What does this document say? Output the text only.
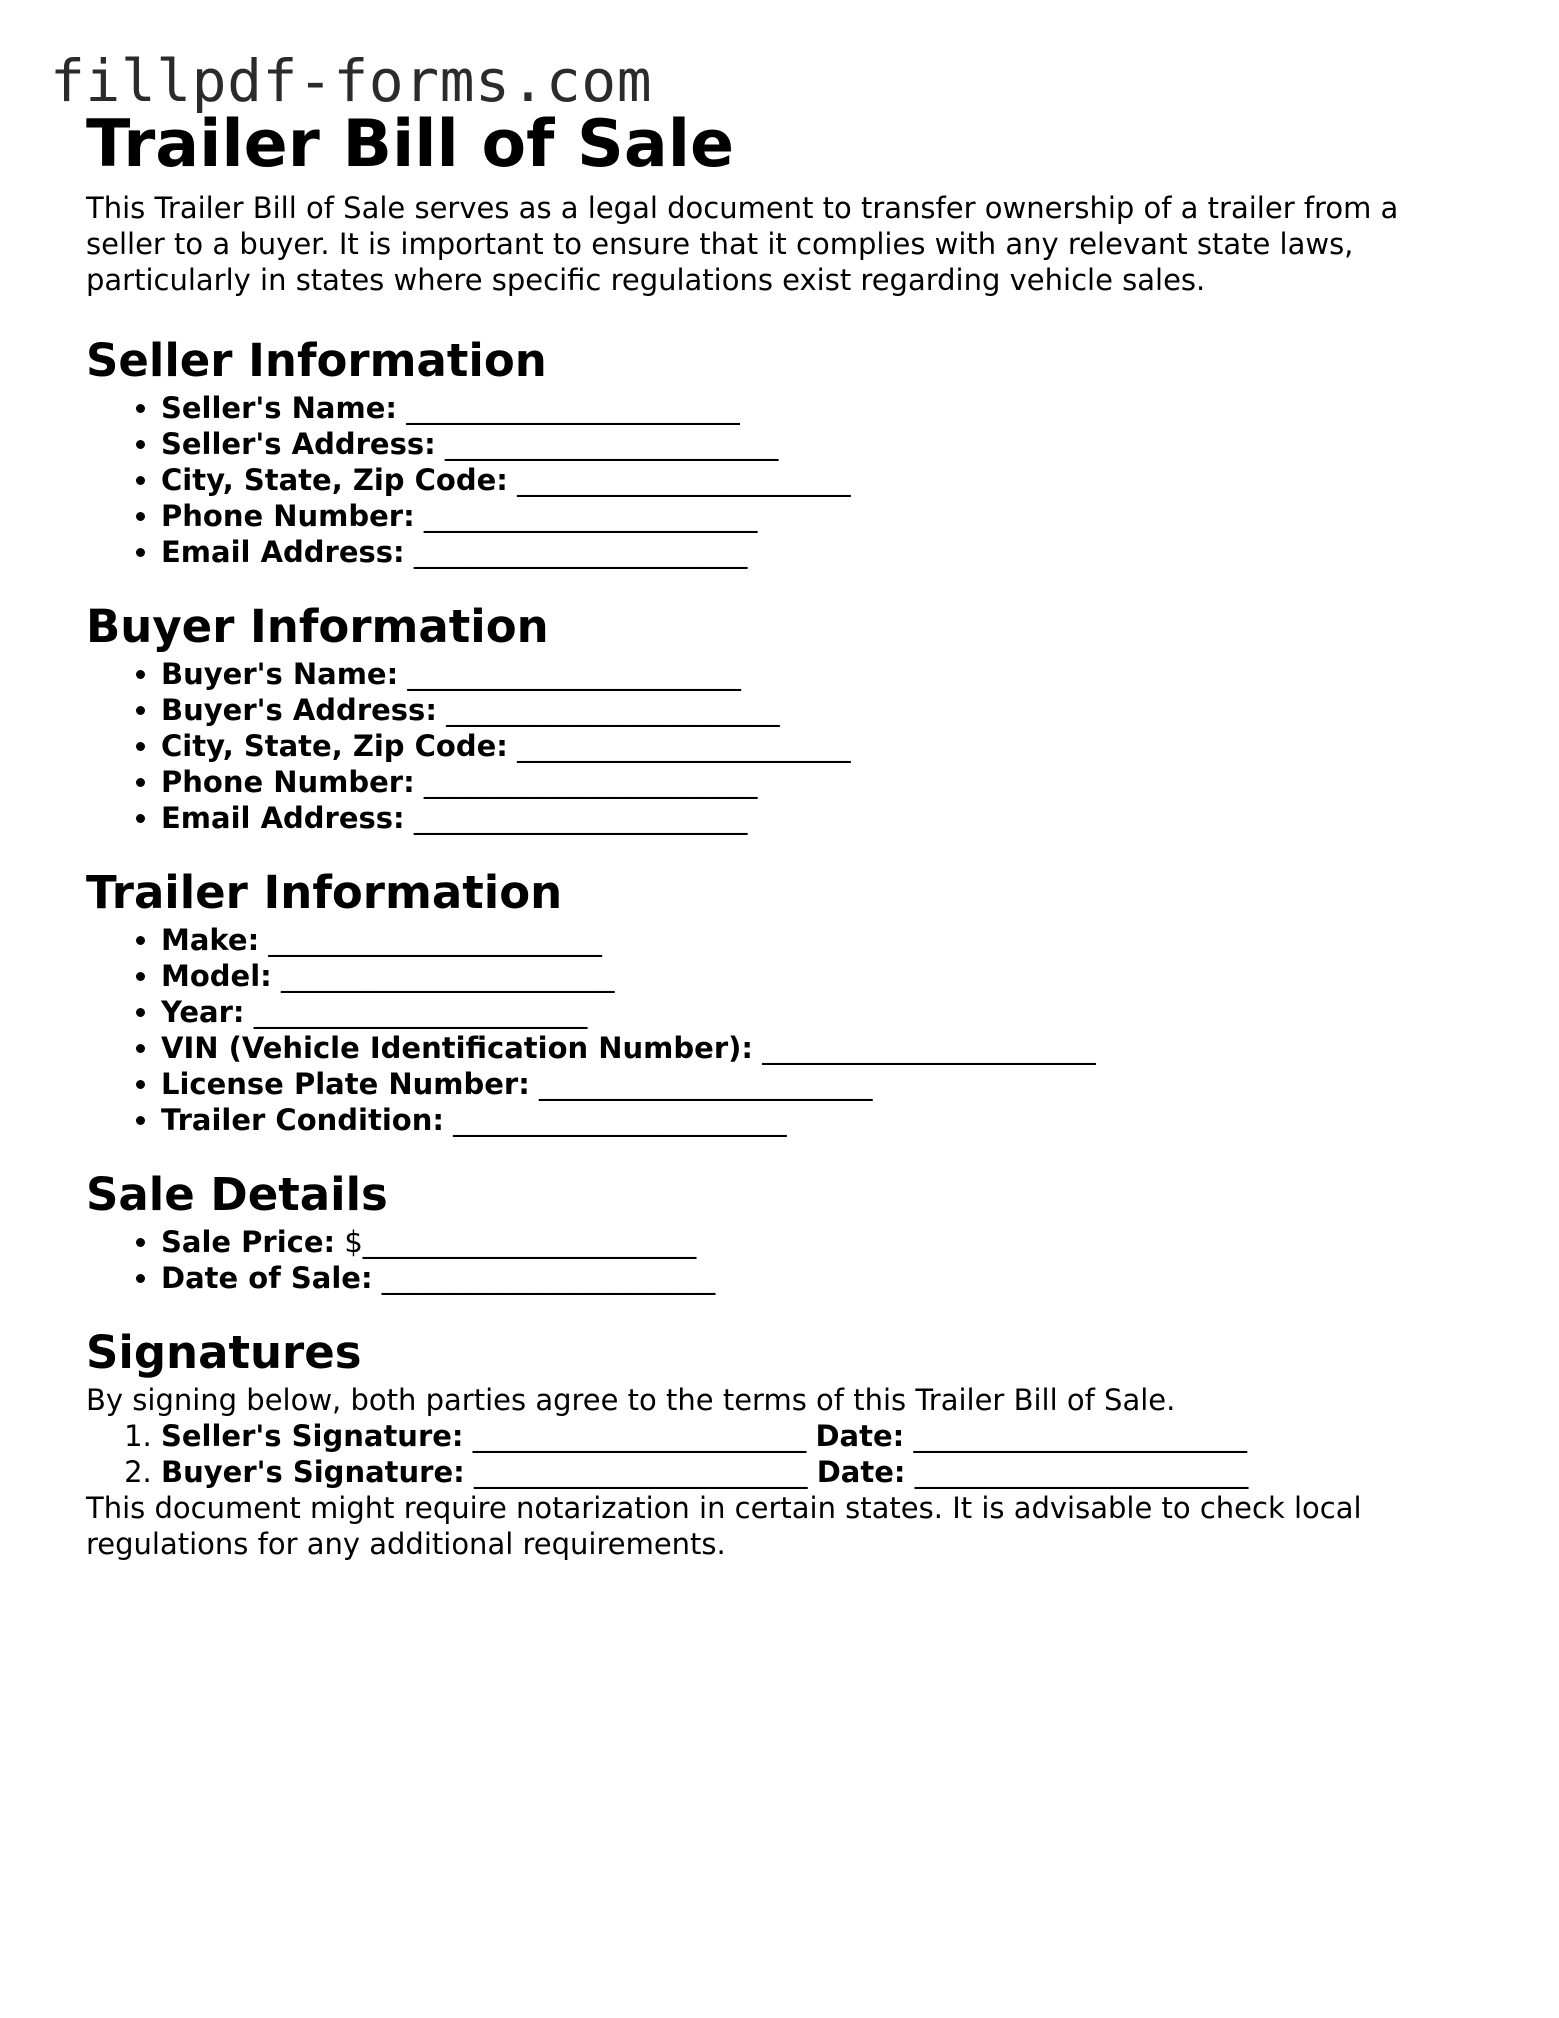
fillpdf-forms.com
Trailer Bill of Sale

This Trailer Bill of Sale serves as a legal document to transfer ownership of a trailer from a seller to a buyer. It is important to ensure that it complies with any relevant state laws, particularly in states where specific regulations exist regarding vehicle sales.

Seller Information
• Seller's Name: _______________________
• Seller's Address: _______________________
• City, State, Zip Code: _______________________
• Phone Number: _______________________
• Email Address: _______________________
Buyer Information
• Buyer's Name: _______________________
• Buyer's Address: _______________________
• City, State, Zip Code: _______________________
• Phone Number: _______________________
• Email Address: _______________________
Trailer Information
• Make: _______________________
• Model: _______________________
• Year: _______________________
• VIN (Vehicle Identification Number): _______________________
• License Plate Number: _______________________
• Trailer Condition: _______________________
Sale Details
• Sale Price: $_______________________
• Date of Sale: _______________________
Signatures

By signing below, both parties agree to the terms of this Trailer Bill of Sale.

1. Seller's Signature: _______________________ Date: _______________________
2. Buyer's Signature: _______________________ Date: _______________________

This document might require notarization in certain states. It is advisable to check local regulations for any additional requirements.
